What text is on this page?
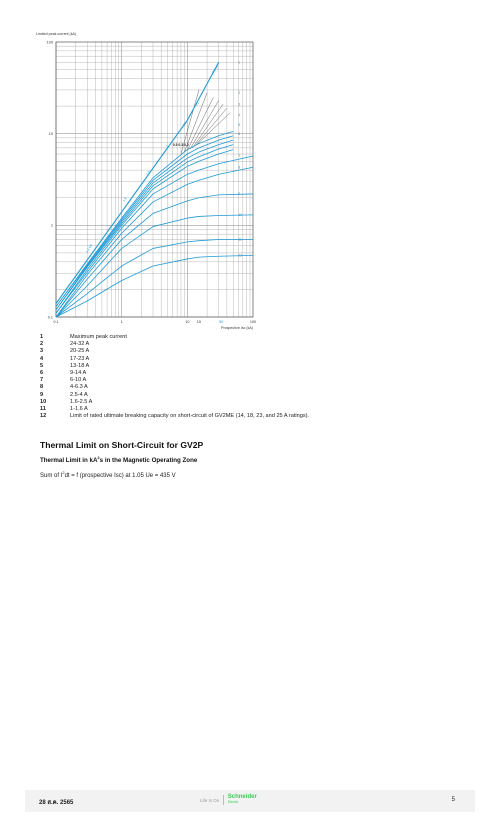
Limited peak current (kA)
Prospective Isc (kA)
0.1
1
10
100
0.1	1	10 15	100
50
1
2
3
4
5
6
7
8
9
10
11
12
1.6 Ipk
1.8
1.9
2
2.1
2.2
2.2 Ipk
0.5 0.3 0.2
1	Maximum peak current
2	24-32 A
3	20-25 A
4	17-23 A
5	13-18 A
6	9-14 A
7	6-10 A
8	4-6.3 A
9	2.5-4 A
10	1.6-2.5 A
11	1-1.6 A
12	Limit of rated ultimate breaking capacity on short-circuit of GV2ME (14, 18, 23, and 25 A ratings).
Thermal Limit on Short-Circuit for GV2P
Thermal Limit in $kA^2s$ in the Magnetic Operating Zone
Sum of $I^2dt = f$ (prospective Isc) at 1.05 Ue = 435 V
28 ส.ค. 2565	Life Is On Schneider
Electric	5
